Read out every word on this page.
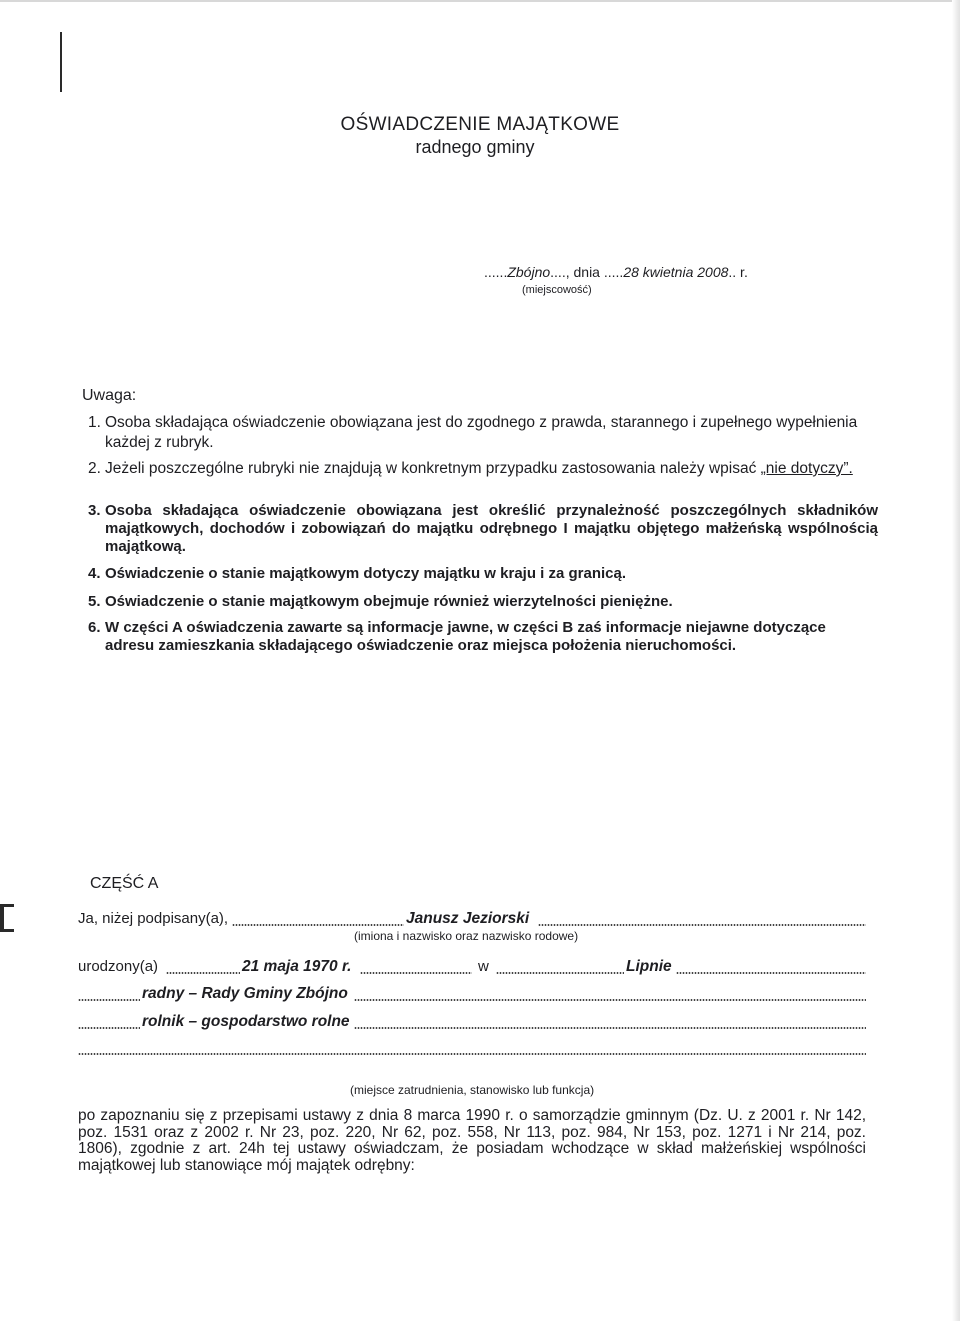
OŚWIADCZENIE MAJĄTKOWE
radnego gminy
......Zbójno...., dnia .....28 kwietnia 2008.. r.
(miejscowość)
Uwaga:
1. Osoba składająca oświadczenie obowiązana jest do zgodnego z prawda, starannego i zupełnego wypełnienia każdej z rubryk.
2. Jeżeli poszczególne rubryki nie znajdują w konkretnym przypadku zastosowania należy wpisać „nie dotyczy”.
3. Osoba składająca oświadczenie obowiązana jest określić przynależność poszczególnych składników majątkowych, dochodów i zobowiązań do majątku odrębnego I majątku objętego małżeńską wspólnością majątkową.
4. Oświadczenie o stanie majątkowym dotyczy majątku w kraju i za granicą.
5. Oświadczenie o stanie majątkowym obejmuje również wierzytelności pieniężne.
6. W części A oświadczenia zawarte są informacje jawne, w części B zaś informacje niejawne dotyczące adresu zamieszkania składającego oświadczenie oraz miejsca położenia nieruchomości.
CZĘŚĆ A
Ja, niżej podpisany(a),	Janusz Jeziorski
(imiona i nazwisko oraz nazwisko rodowe)
urodzony(a)	21 maja 1970 r.	w	Lipnie
radny – Rady Gminy Zbójno
rolnik – gospodarstwo rolne
(miejsce zatrudnienia, stanowisko lub funkcja)
po zapoznaniu się z przepisami ustawy z dnia 8 marca 1990 r. o samorządzie gminnym (Dz. U. z 2001 r. Nr 142, poz. 1531 oraz z 2002 r. Nr 23, poz. 220, Nr 62, poz. 558, Nr 113, poz. 984, Nr 153, poz. 1271 i Nr 214, poz. 1806), zgodnie z art. 24h tej ustawy oświadczam, że posiadam wchodzące w skład małżeńskiej wspólności majątkowej lub stanowiące mój majątek odrębny:
